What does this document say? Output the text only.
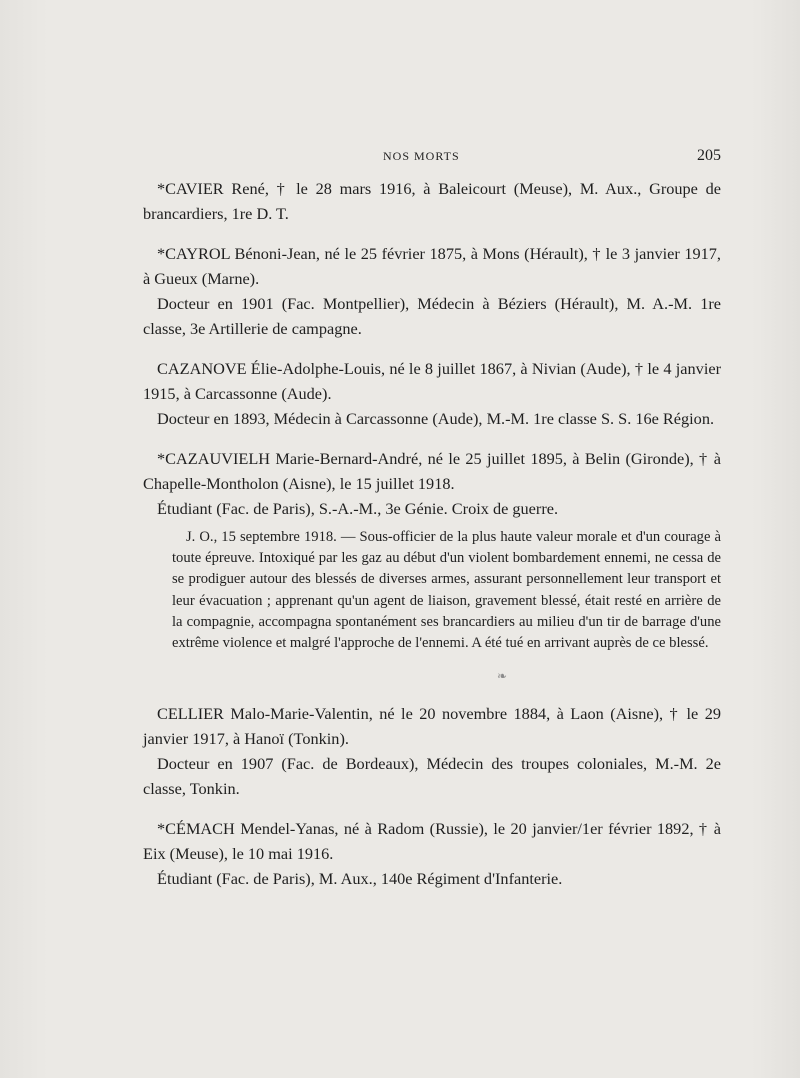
NOS MORTS	205

*CAVIER René, † le 28 mars 1916, à Baleicourt (Meuse), M. Aux., Groupe de brancardiers, 1re D. T.

*CAYROL Bénoni-Jean, né le 25 février 1875, à Mons (Hérault), † le 3 janvier 1917, à Gueux (Marne).

Docteur en 1901 (Fac. Montpellier), Médecin à Béziers (Hérault), M. A.-M. 1re classe, 3e Artillerie de campagne.

CAZANOVE Élie-Adolphe-Louis, né le 8 juillet 1867, à Nivian (Aude), † le 4 janvier 1915, à Carcassonne (Aude).

Docteur en 1893, Médecin à Carcassonne (Aude), M.-M. 1re classe S. S. 16e Région.

*CAZAUVIELH Marie-Bernard-André, né le 25 juillet 1895, à Belin (Gironde), † à Chapelle-Montholon (Aisne), le 15 juillet 1918.

Étudiant (Fac. de Paris), S.-A.-M., 3e Génie. Croix de guerre.

J. O., 15 septembre 1918. — Sous-officier de la plus haute valeur morale et d'un courage à toute épreuve. Intoxiqué par les gaz au début d'un violent bombardement ennemi, ne cessa de se prodiguer autour des blessés de diverses armes, assurant personnellement leur transport et leur évacuation ; apprenant qu'un agent de liaison, gravement blessé, était resté en arrière de la compagnie, accompagna spontanément ses brancardiers au milieu d'un tir de barrage d'une extrême violence et malgré l'approche de l'ennemi. A été tué en arrivant auprès de ce blessé.

❧

CELLIER Malo-Marie-Valentin, né le 20 novembre 1884, à Laon (Aisne), † le 29 janvier 1917, à Hanoï (Tonkin).

Docteur en 1907 (Fac. de Bordeaux), Médecin des troupes coloniales, M.-M. 2e classe, Tonkin.

*CÉMACH Mendel-Yanas, né à Radom (Russie), le 20 janvier/1er février 1892, † à Eix (Meuse), le 10 mai 1916.

Étudiant (Fac. de Paris), M. Aux., 140e Régiment d'Infanterie.
